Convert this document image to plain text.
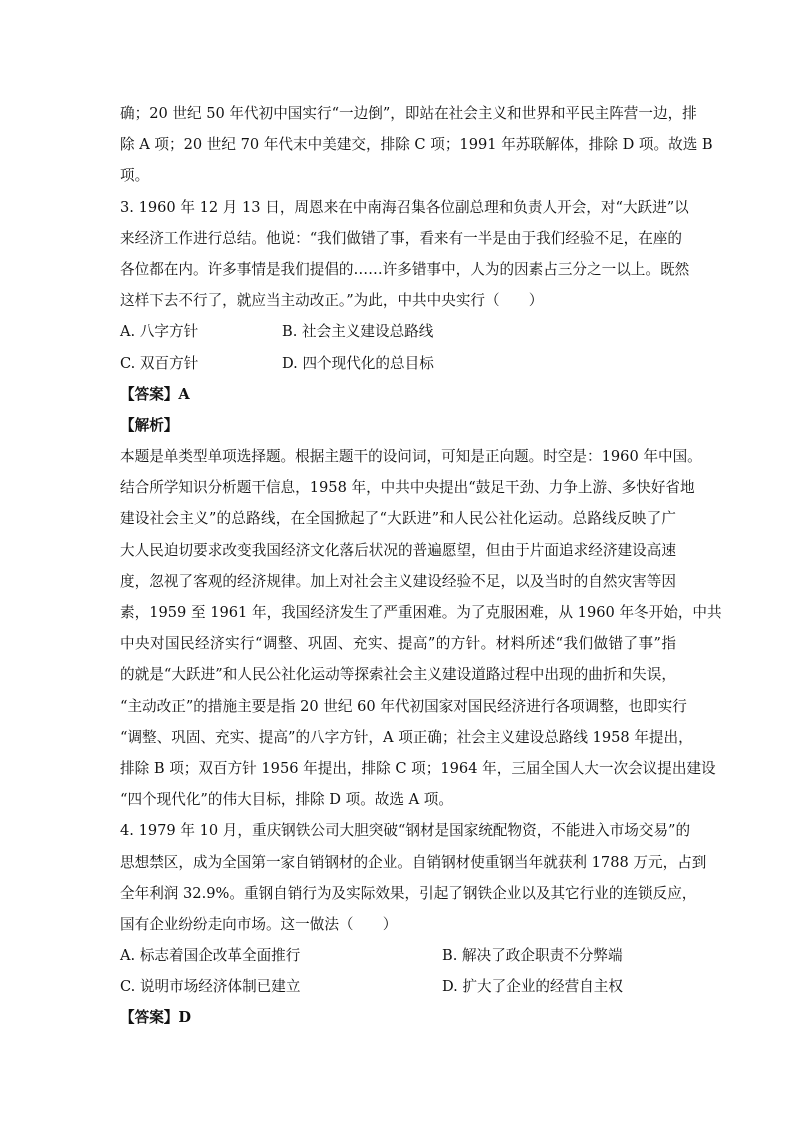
确；20 世纪 50 年代初中国实行“一边倒”，即站在社会主义和世界和平民主阵营一边，排
除 A 项；20 世纪 70 年代末中美建交，排除 C 项；1991 年苏联解体，排除 D 项。故选 B
项。
3. 1960 年 12 月 13 日，周恩来在中南海召集各位副总理和负责人开会，对“大跃进”以
来经济工作进行总结。他说：“我们做错了事，看来有一半是由于我们经验不足，在座的
各位都在内。许多事情是我们提倡的……许多错事中，人为的因素占三分之一以上。既然
这样下去不行了，就应当主动改正。”为此，中共中央实行（　　）
A. 八字方针	B. 社会主义建设总路线
C. 双百方针	D. 四个现代化的总目标
【答案】A
【解析】
本题是单类型单项选择题。根据主题干的设问词，可知是正向题。时空是：1960 年中国。
结合所学知识分析题干信息，1958 年，中共中央提出“鼓足干劲、力争上游、多快好省地
建设社会主义”的总路线，在全国掀起了“大跃进”和人民公社化运动。总路线反映了广
大人民迫切要求改变我国经济文化落后状况的普遍愿望，但由于片面追求经济建设高速
度，忽视了客观的经济规律。加上对社会主义建设经验不足，以及当时的自然灾害等因
素，1959 至 1961 年，我国经济发生了严重困难。为了克服困难，从 1960 年冬开始，中共
中央对国民经济实行“调整、巩固、充实、提高”的方针。材料所述“我们做错了事”指
的就是“大跃进”和人民公社化运动等探索社会主义建设道路过程中出现的曲折和失误，
“主动改正”的措施主要是指 20 世纪 60 年代初国家对国民经济进行各项调整，也即实行
“调整、巩固、充实、提高”的八字方针，A 项正确；社会主义建设总路线 1958 年提出，
排除 B 项；双百方针 1956 年提出，排除 C 项；1964 年，三届全国人大一次会议提出建设
“四个现代化”的伟大目标，排除 D 项。故选 A 项。
4. 1979 年 10 月，重庆钢铁公司大胆突破“钢材是国家统配物资，不能进入市场交易”的
思想禁区，成为全国第一家自销钢材的企业。自销钢材使重钢当年就获利 1788 万元，占到
全年利润 32.9%。重钢自销行为及实际效果，引起了钢铁企业以及其它行业的连锁反应，
国有企业纷纷走向市场。这一做法（　　）
A. 标志着国企改革全面推行	B. 解决了政企职责不分弊端
C. 说明市场经济体制已建立	D. 扩大了企业的经营自主权
【答案】D
